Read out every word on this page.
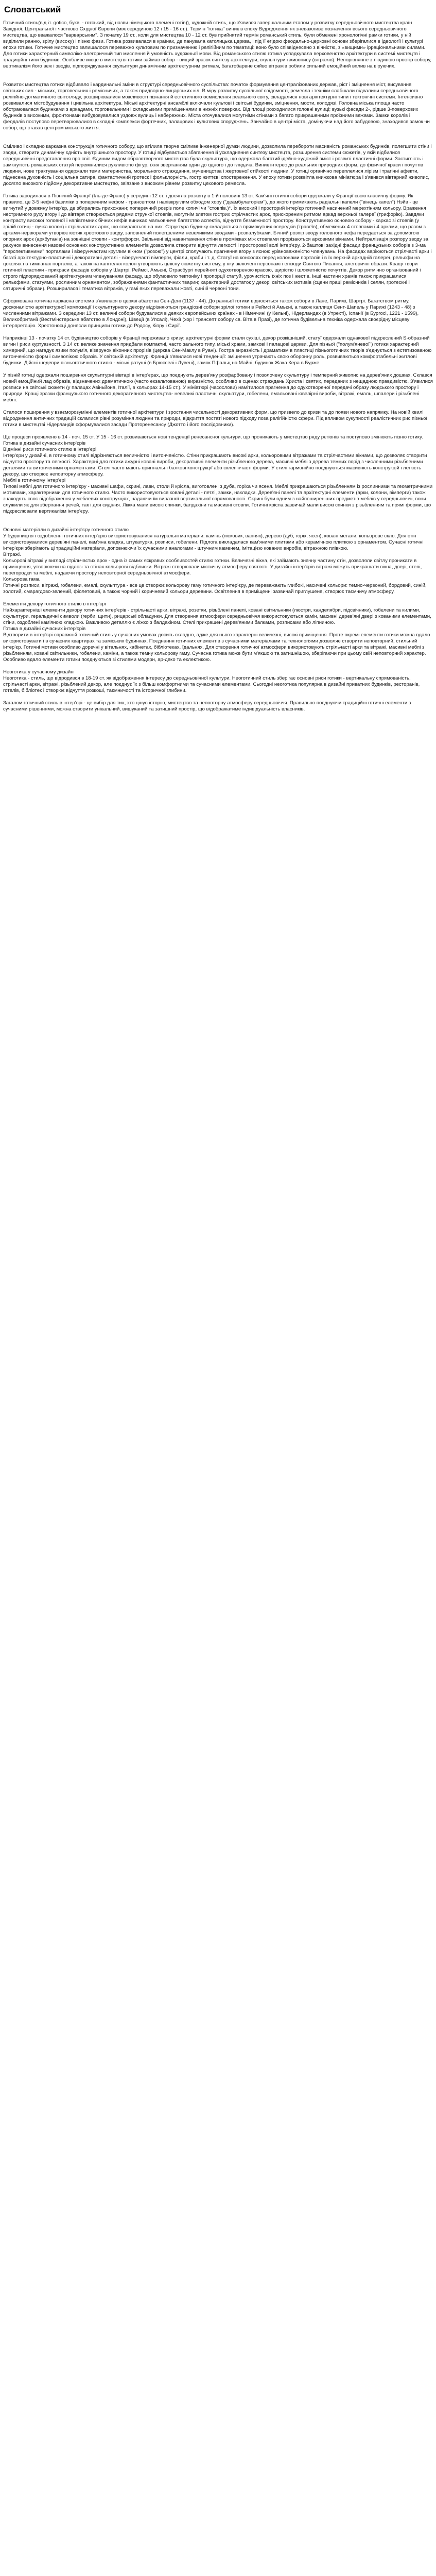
Словатський

Готичний стиль(від іт. gotico, букв. - готський, від назви німецького племені готів)), художній стиль, що з'явився завершальним етапом у розвитку середньовічного мистецтва країн Західної, Центральної і частково Східної Європи (між серединою 12 і 15 - 16 ст.). Термін "готика" виник в епоху Відродження як зневажливе позначення всього середньовічного мистецтва, що вважалося "варварським". З початку 19 ст., коли для мистецтва 10 - 12 ст. був прийнятий термін романський стиль, були обмежені хронологічні рамки готики, у ній виділили ранню, зрілу (високу) і пізню фази. Готика розвивалася в країнах, де панувала католицька церква, і під її егідою феодально-церковні основи зберігалися в ідеології і культурі епохи готики. Готичне мистецтво залишалося переважно культовим по призначенню і релігійним по тематиці: воно було співвіднесено з вічністю, з «вищими» ірраціональними силами. Для готики характерний символіко-алегоричний тип мислення й умовність художньої мови. Від романського стилю готика успадкувала верховенство архітектури в системі мистецтв і традиційні типи будинків. Особливе місце в мистецтві готики займав собор - вищий зразок синтезу архітектури, скульптури і живопису (вітражів). Непорівнянне з людиною простір собору, вертикалізм його веж і зводів, підпорядкування скульптури динамічним архітектурним ритмам, багатобарвне сяйво вітражів робили сильний емоційний вплив на віруючих.

Розвиток мистецтва готики відбивало і кардинальні зміни в структурі середньовічного суспільства: початок формування централізованих держав, ріст і зміцнення міст, висування світських сил - міських, торговельних і ремісничих, а також придворно-лицарських кіл. В міру розвитку суспільної свідомості, ремесла і техніки слабшали підвалини середньовічного релігійно-догматичного світогляду, розширювалися можливості пізнання й естетичного осмислення реального світу, складалися нові архітектурні типи і тектонічні системи. Інтенсивно розвивалися містобудування і цивільна архітектура. Міські архітектурні ансамблі включали культові і світські будинки, зміцнення, мости, колодязі. Головна міська площа часто обстраювалася будинками з аркадами, торговельними і складськими приміщеннями в нижніх поверхах. Від площі розходилися головні вулиці; вузькі фасади 2-, рідше 3-поверхових будинків з високими, фронтонами вибудовувалися уздовж вулиць і набережних. Міста оточувалися могутніми стінами з багато прикрашеними проїзними вежами. Замки королів і феодалів поступово перетворювалися в складні комплекси фортечних, палацових і культових споруджень. Звичайно в центрі міста, домінуючи над його забудовою, знаходився замок чи собор, що ставав центром міського життя.

Сміливо і складно карказна конструкція готичного собору, що втілила творче сміливе інженерної думки людини, дозволила перебороти масивність романських будинків, полегшити стіни і зводи, створити динамічну єдність внутрішнього простору. У готиці відбувається збагачення й ускладнення синтезу мистецтв, розширення системи сюжетів, у якій відбилися середньовічні представлення про світ. Єдиним видом образотворчого мистецтва була скульптура, що одержала багатий ідейно-художній зміст і розвиті пластичні форми. Застиглість і замкнутість романських статуй перемінилися рухливістю фігур, їхня звертанням один до одного і до глядача. Виник інтерес до реальних природних форм, до фізичної краси і почуттів людини, нове трактування одержали теми материнства, морального страждання, мученицства і жертовної стійкості людини. У готиці органічно переплелися лірізм і трагічні афекти, піднесена духовність і соціальна сатира, фантастичний гротеск і фольклорність, гостр життєві спостереження. У епоху готики розквітла книжкова мініатюра і з'явився вівтарний живопис, досягло високого підйому декоративне мистецтво, зв'язане з високим рівнем розвитку цехового ремесла.

Готика зародилася в Північній Франції (Іль-де-Франс) у середині 12 ст. і досягла розквіту в 1-й половині 13 ст. Кам'яні готичні собори одержали у Франції свою класичну форму. Як правило, це 3-5 нефні базиліки з поперечним нефом - трансептом і напівкруглим обходом хору ("деамбулаторієм"), до якого примикають радіальні капели ("вінець капел") Нэйв - це вигнутий у довжину інтер'єр, де збирались прихожани; поперечний розріз поле копичі чи "стовпів.)*. Їх високий і просторий інтер'єр готичний насичений мерехтінням кольору. Враження нестримного руху вгору і до вівтаря створюється рядами стрункої стовпів, могутнім злетом гострих стрілчастих арок, прискореним ритмом аркад верхньої галереї (трифорію). Завдяки контрасту високої головної і напівтемних бічних нефів виникає мальовниче багатство аспектів, відчуття безмежності простору. Конструктивною основою собору - каркас зі стовпів (у зрілій готиці - пучка колон) і стрільчастих арок, що спираються на них. Структура будинку складається з прямокутних осередків (травеїв), обмежених 4 стовпами і 4 арками, що разом з арками-нервюрами утворює кістяк хрестового зводу, заповнений полегшеними невеликими зводами - розпалубками. Бічний розпір зводу головного нефа передається за допомогою опорних арок (аркбутанів) на зовнішні стовпи - контрфорси. Звільнені від навантаження стіни в проміжках між стовпами прорізаються арковими вікнами. Нейтралізація розпору зводу за рахунок винесення назовні основних конструктивних елементів дозволила створити відчуття легкості і просторової волі інтер'єру. 2-баштові західні фасади французьких соборів з 3-ма "перспективними" порталами і візерунчастим круглим вікном ("розою") у центрі сполучають прагнення вгору з ясною урівноваженістю членувань. На фасадах варіюються стрілчасті арки і багаті архітектурно-пластичні і декоративні деталі - візерунчасті вімперги, фіали, краби і т. д. Статуї на консолях перед колонами порталів і в їх верхній аркадній галереї, рельєфи на цоколях і в тимпанах порталів, а також на капітелях колон утворюють цілісну сюжетну систему, у яку включені персонажі і епізоди Святого Писання, алегоричні образи. Кращі твори готичної пластики - прикраси фасадів соборів у Шартрі, Реймсі, Амьєні, Страсбургі перейняті одухотвореною красою, щирістю і шляхетністю почуттів. Декор ритмічно організований і строго підпорядкований архітектурним членуванням фасаду, що обумовило тектоніку і пропорції статуй, урочистість їхніх поз і жестів. Інші частини храмів також прикрашалися рельєфами, статуями, рослинним орнаментом, зображеннями фантастичних тварин; характерний достаток у декорі світських мотивів (сцени праці ремісників і селян, гротескні і сатиричні образи). Розширилася і тематика вітражів, у гамі яких переважали жовті, сині й червоні тони.

Сформована готична каркасна система з'явилася в церкві абатства Сен-Дені (1137 - 44). До ранньої готики відносяться також собори в Лане, Парижі, Шартрі. Багатством ритму, досконалістю архітектурної композиції і скульптурного декору відрізняються грандіозні собори зрілої готики в Реймсі й Амьєні, а також каплиця Сент-Шапель у Парижі (1243 - 48) з численними вітражами. З середини 13 ст. величні собори будувалися в деяких європейських країнах - в Німеччині (у Кельні), Нідерландах (в Утрехті), Іспанії (в Бургосі, 1221 - 1599), Великобританії (Вестмінстерське абатство в Лондоні), Швеції (в Упсалі), Чехії (хор і трансепт собору св. Віта в Празі), де готична будівельна техніка одержала своєрідну місцеву інтерпретацію. Хрестоносці донесли принципи готики до Родосу, Кіпру і Сирії.

Наприкінці 13 - початку 14 ст. будівництво соборів у Франції переживало кризу: архітектурні форми стали сухіші, декор розкішніший, статуї одержали однакової підкреслений S-образний вигин і риси куртуазності. З 14 ст. велике значення придбали компактні, часто зального типу, міські храми, замкові і палацові церкви. Для пізньої ("полум'яневої") готики характерний химерний, що нагадує язики полум'я, візерунок віконних прорізів (церква Сен-Маклу в Руані). Гостра виразність і драматизм в пластиці пізньоготичних творів з'єднується з естетизованою витонченістю форм і символікою образів. У світській архітектурі Франції з'явилися нові тенденції: зміцнення утрачають свою оборонну роль, розвиваються комфортабельні житлові будинки. Дійсні шедеври пізньоготичного стилю - міські ратуші (в Брюсселі і Лувені), замок Пфальц на Майні, будинок Жака Кера в Бурже.

У пізній готиці одержали поширення скульптурні вівтарі в інтер'єрах, що поєднують дерев'яну розфарбовану і позолочену скульптуру і темперний живопис на дерев'яних дошках. Склався новий емоційний лад образів, відзначених драматичною (часто екзальтованою) виразністю, особливо в сценах страждань Христа і святих, переданих з нещадною правдивістю. З'явилися розписи на світські сюжети (у палацах Авіньйона, Італії, в кольорах 14-15 ст.). У мініатюрі (часослови) намітилося прагнення до одухотвореної передачі образу людського простору і природи. Кращі зразки французького готичного декоративного мистецтва- невеликі пластичні скульптури, гобелени, емальовані ювелірні вироби, вітражі, емаль, шпалери і різьблені меблі.

Сталося поширення у взаєморозумінні елементів готичної архітектури і зростання чисельності декоративних форм, що призвело до кризи та до появи нового напрямку. На новій хвилі відродження античних традицій склалися рівні розуміння людини та природи, відкриття постаті нового підходу поза релігійністю сфери. Під впливом сукупності реалістичних рис пізньої готики в мистецтві Нідерландів сформувалися засади Проторенесансу (Джотто і його послідовники).

Ще процеси проявлено в 14 - поч. 15 ст. У 15 - 16 ст. розвиваються нові тенденції ренесансної культури, що проникають у мистецтво ряду регіонів та поступово змінюють пізню готику.

Готика в дизайні сучасних інтер'єрів

Відмінні риси готичного стилю в інтер'єрі

Інтер'єри у дизайні, в готичному стилі відрізняються величністю і витонченістю. Стіни прикрашають високі арки, кольоровими вітражами та стрілчастими вікнами, що дозволяє створити відчуття простору та легкості. Характерні для готики ажурні ковані вироби, декоративні елементи різьбленого дерева, масивні меблі з дерева темних порід з численними різьбленими деталями та витонченими орнаментами. Стелі часто мають оригінальні балкові конструкції або склепінчасті форми. У стилі гармонійно поєднуються масивність конструкцій і легкість декору, що створює неповторну атмосферу.

Меблі в готичному інтер'єрі

Типові меблі для готичного інтер'єру - масивні шафи, скрині, лави, столи й крісла, виготовлені з дуба, горіха чи ясеня. Меблі прикрашаються різьбленням із рослинними та геометричними мотивами, характерними для готичного стилю. Часто використовуються ковані деталі - петлі, замки, накладки. Дерев'яні панелі та архітектурні елементи (арки, колони, вімперги) також знаходять своє відображення у меблевих конструкціях, надаючи їм виразної вертикальної спрямованості. Скрині були одним з найпоширеніших предметів меблів у середньовіччі, вони служили як для зберігання речей, так і для сидіння. Ліжка мали високі спинки, балдахіни та масивні стовпи. Готичні крісла зазвичай мали високі спинки з різьбленням та прямі форми, що підкреслювали вертикалізм інтер'єру.

Основні матеріали в дизайні інтер'єру готичного стилю

У будівництві і оздобленні готичних інтер'єрів використовувалися натуральні матеріали: камінь (пісковик, вапняк), дерево (дуб, горіх, ясен), ковані метали, кольорове скло. Для стін використовувалися дерев'яні панелі, кам'яна кладка, штукатурка, розписи, гобелени. Підлога викладалася кам'яними плитами або керамічною плиткою з орнаментом. Сучасні готичні інтер'єри зберігають ці традиційні матеріали, доповнюючи їх сучасними аналогами - штучним каменем, імітацією кованих виробів, вітражною плівкою.

Вітражі.

Кольорові вітражі у вигляді стрільчастих арок - одна із самих яскравих особливостей стилю готики. Величезні вікна, які займають значну частину стін, дозволяли світлу проникати в приміщення, утворюючи на підлозі та стінах кольорові відблиски. Вітражі створювали містичну атмосферу святості. У дизайні інтер'єрів вітражі можуть прикрашати вікна, двері, стелі, перегородки та меблі, надаючи простору неповторної середньовічної атмосфери.

Кольорова гама

Готичні розписи, вітражі, гобелени, емалі, скульптура - все це створює кольорову гаму готичного інтер'єру, де переважають глибокі, насичені кольори: темно-червоний, бордовий, синій, золотий, смарагдово-зелений, фіолетовий, а також чорний і коричневий кольори деревини. Освітлення в приміщенні зазвичай приглушене, створює таємничу атмосферу.

Елементи декору готичного стилю в інтер'єрі

Найхарактерніші елементи декору готичних інтер'єрів - стрільчасті арки, вітражі, розетки, різьблені панелі, ковані світильники (люстри, канделябри, підсвічники), гобелени та килими, скульптури, геральдичні символи (герби, щити), рицарські обладунки. Для створення атмосфери середньовіччя використовуються камін, масивні дерев'яні двері з кованими елементами, стіни, оздоблені кам'яною кладкою. Важливою деталлю є ліжко з балдахіном. Стелі прикрашені дерев'яними балками, розписами або ліпниною.

Готика в дизайні сучасних інтер'єрів

Відтворити в інтер'єрі справжній готичний стиль у сучасних умовах досить складно, адже для нього характерні величезні, високі приміщення. Проте окремі елементи готики можна вдало використовувати і в сучасних квартирах та заміських будинках. Поєднання готичних елементів з сучасними матеріалами та технологіями дозволяє створити неповторний, стильний інтер'єр. Готичні мотиви особливо доречні у вітальнях, кабінетах, бібліотеках, їдальнях. Для створення готичної атмосфери використовують стрільчасті арки та вітражі, масивні меблі з різьбленням, ковані світильники, гобелени, каміни, а також темну кольорову гаму. Сучасна готика може бути м'якшою та затишнішою, зберігаючи при цьому свій неповторний характер. Особливо вдало елементи готики поєднуються зі стилями модерн, ар-деко та еклектикою.

Неоготика у сучасному дизайні

Неоготика - стиль, що відродився в 18-19 ст. як відображення інтересу до середньовічної культури. Неоготичний стиль зберігає основні риси готики - вертикальну спрямованість, стрільчасті арки, вітражі, різьблений декор, але поєднує їх з більш комфортними та сучасними елементами. Сьогодні неоготика популярна в дизайні приватних будинків, ресторанів, готелів, бібліотек і створює відчуття розкоші, таємничості та історичної глибини.

Загалом готичний стиль в інтер'єрі - це вибір для тих, хто цінує історію, мистецтво та неповторну атмосферу середньовіччя. Правильно поєднуючи традиційні готичні елементи з сучасними рішеннями, можна створити унікальний, вишуканий та затишний простір, що відображатиме індивідуальність власників.
